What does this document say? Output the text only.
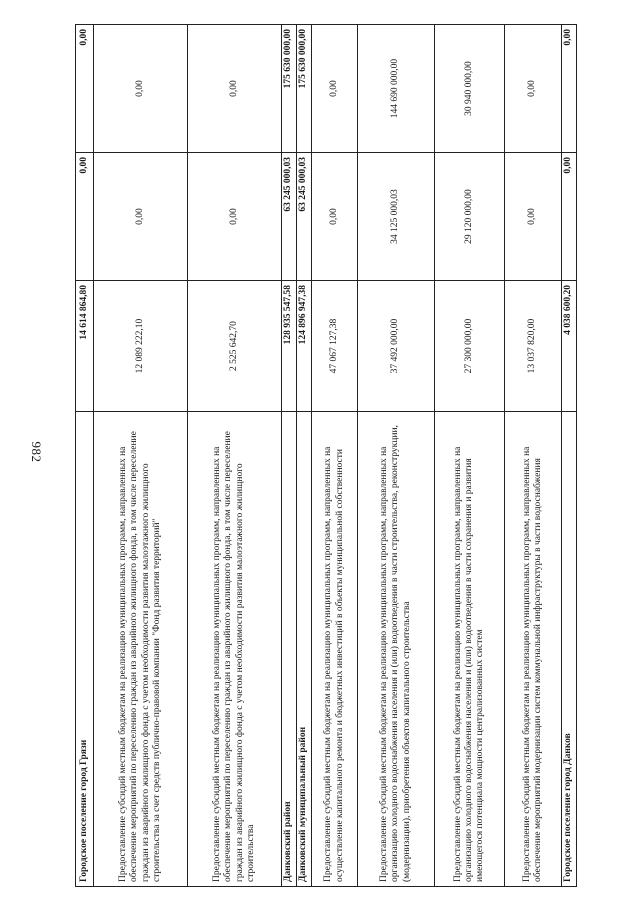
982
Городское поселение город Грязи	14 614 864,80	0,00	0,00
Предоставление субсидий местным бюджетам на реализацию муниципальных программ, направленных на обеспечение мероприятий по переселению граждан из аварийного жилищного фонда, в том числе переселение граждан из аварийного жилищного фонда с учетом необходимости развития малоэтажного жилищного строительства за счет средств публично-правовой компании "Фонд развития территорий"	12 089 222,10	0,00	0,00
Предоставление субсидий местным бюджетам на реализацию муниципальных программ, направленных на обеспечение мероприятий по переселению граждан из аварийного жилищного фонда, в том числе переселение граждан из аварийного жилищного фонда с учетом необходимости развития малоэтажного жилищного строительства	2 525 642,70	0,00	0,00
Данковский район	128 935 547,58	63 245 000,03	175 630 000,00
Данковский муниципальный район	124 896 947,38	63 245 000,03	175 630 000,00
Предоставление субсидий местным бюджетам на реализацию муниципальных программ, направленных на осуществление капитального ремонта и бюджетных инвестиций в объекты муниципальной собственности	47 067 127,38	0,00	0,00
Предоставление субсидий местным бюджетам на реализацию муниципальных программ, направленных на организацию холодного водоснабжения населения и (или) водоотведения в части строительства, реконструкции, (модернизации), приобретения объектов капитального строительства	37 492 000,00	34 125 000,03	144 690 000,00
Предоставление субсидий местным бюджетам на реализацию муниципальных программ, направленных на организацию холодного водоснабжения населения и (или) водоотведения в части сохранения и развития имеющегося потенциала мощности централизованных систем	27 300 000,00	29 120 000,00	30 940 000,00
Предоставление субсидий местным бюджетам на реализацию муниципальных программ, направленных на обеспечение мероприятий модернизации систем коммунальной инфраструктуры в части водоснабжения	13 037 820,00	0,00	0,00
Городское поселение город Данков	4 038 600,20	0,00	0,00
